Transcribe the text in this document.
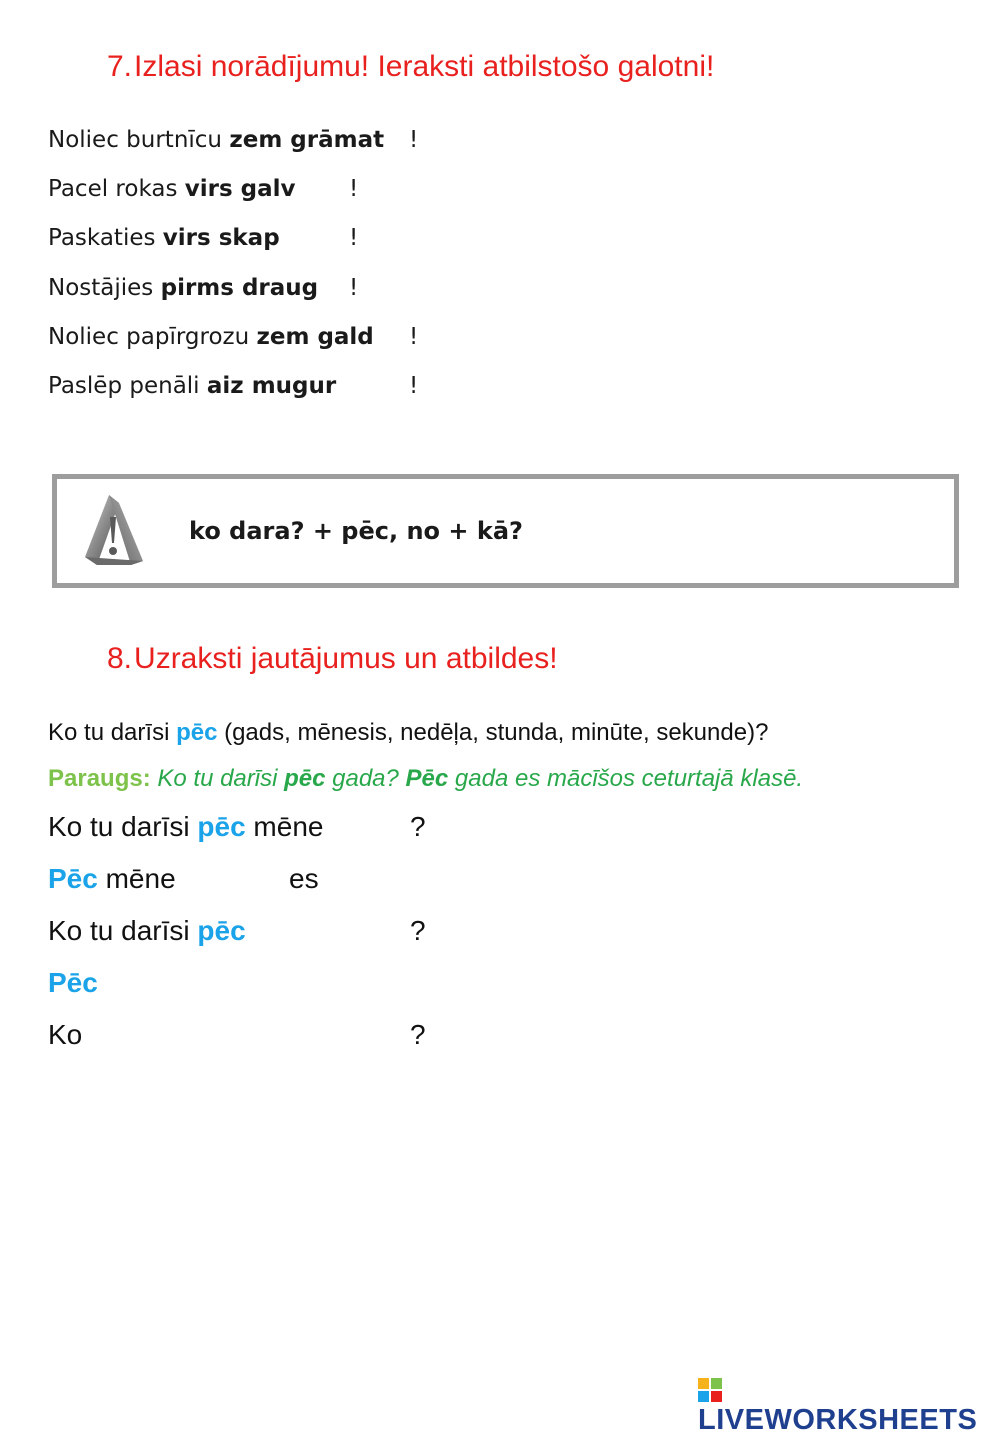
7.Izlasi norādījumu! Ieraksti atbilstošo galotni!
Noliec burtnīcu zem grāmat !
Pacel rokas virs galv !
Paskaties virs skap	!
Nostājies pirms draug !
Noliec papīrgrozu zem gald !
Paslēp penāli aiz mugur	!
ko dara? + pēc, no + kā?
8.Uzraksti jautājumus un atbildes!
Ko tu darīsi pēc (gads, mēnesis, nedēļa, stunda, minūte, sekunde)?
Paraugs: Ko tu darīsi pēc gada? Pēc gada es mācīšos ceturtajā klasē.
Ko tu darīsi pēc mēne	?
Pēc mēne	es
Ko tu darīsi pēc	?
Pēc
Ko	?
LIVEWORKSHEETS
